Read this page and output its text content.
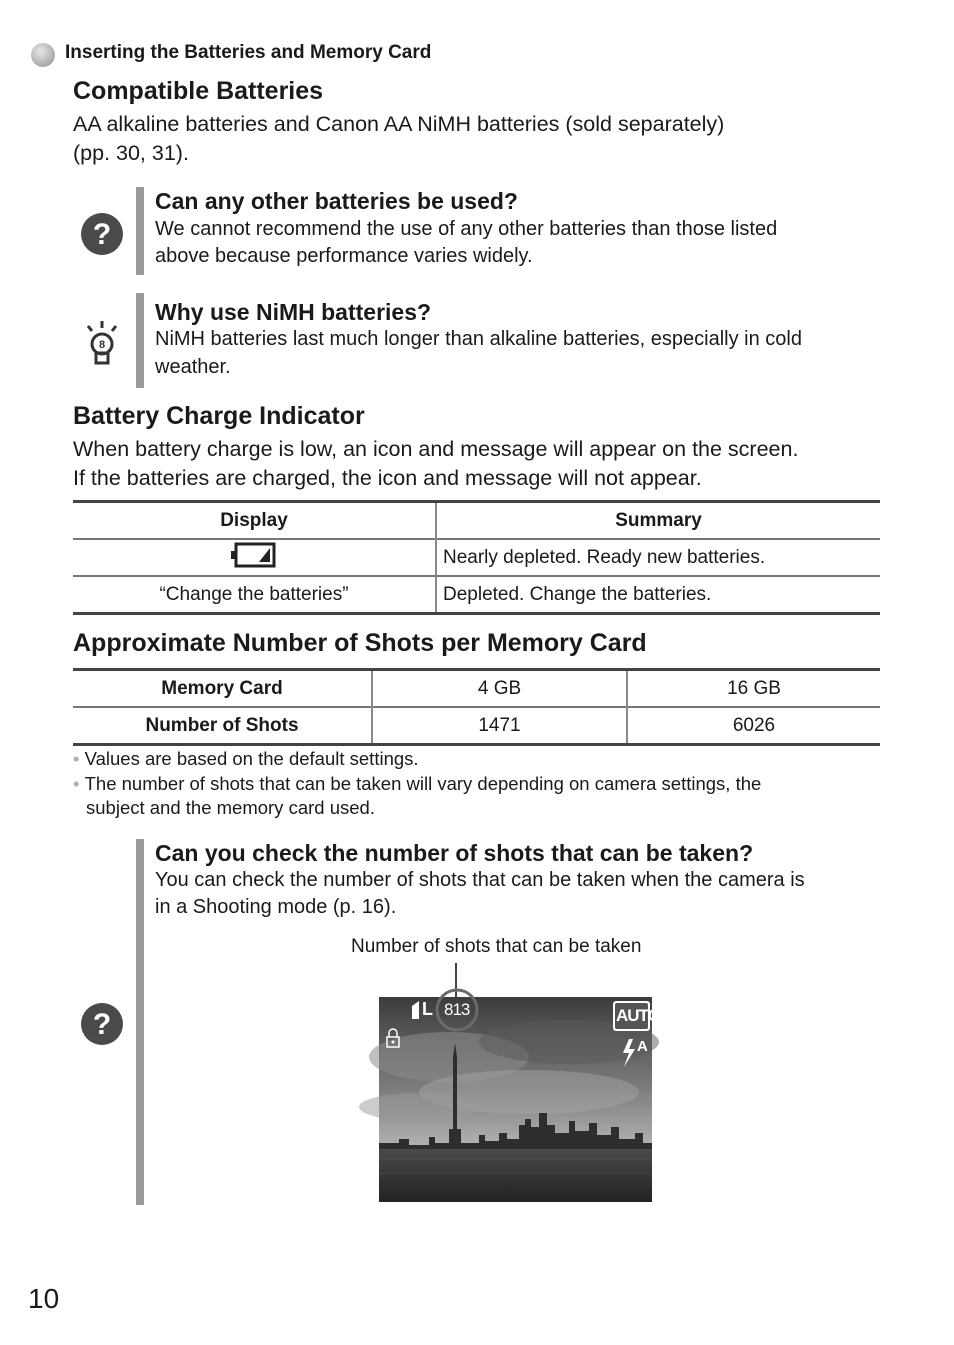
Inserting the Batteries and Memory Card
Compatible Batteries
AA alkaline batteries and Canon AA NiMH batteries (sold separately)
(pp. 30, 31).
?
Can any other batteries be used?
We cannot recommend the use of any other batteries than those listed
above because performance varies widely.
8
Why use NiMH batteries?
NiMH batteries last much longer than alkaline batteries, especially in cold
weather.
Battery Charge Indicator
When battery charge is low, an icon and message will appear on the screen.
If the batteries are charged, the icon and message will not appear.
Display	Summary
	Nearly depleted. Ready new batteries.
“Change the batteries”	Depleted. Change the batteries.
Approximate Number of Shots per Memory Card
Memory Card	4 GB	16 GB
Number of Shots	1471	6026
• Values are based on the default settings.
• The number of shots that can be taken will vary depending on camera settings, the
subject and the memory card used.
?
Can you check the number of shots that can be taken?
You can check the number of shots that can be taken when the camera is
in a Shooting mode (p. 16).
Number of shots that can be taken
L 813	AUTO
A
10
